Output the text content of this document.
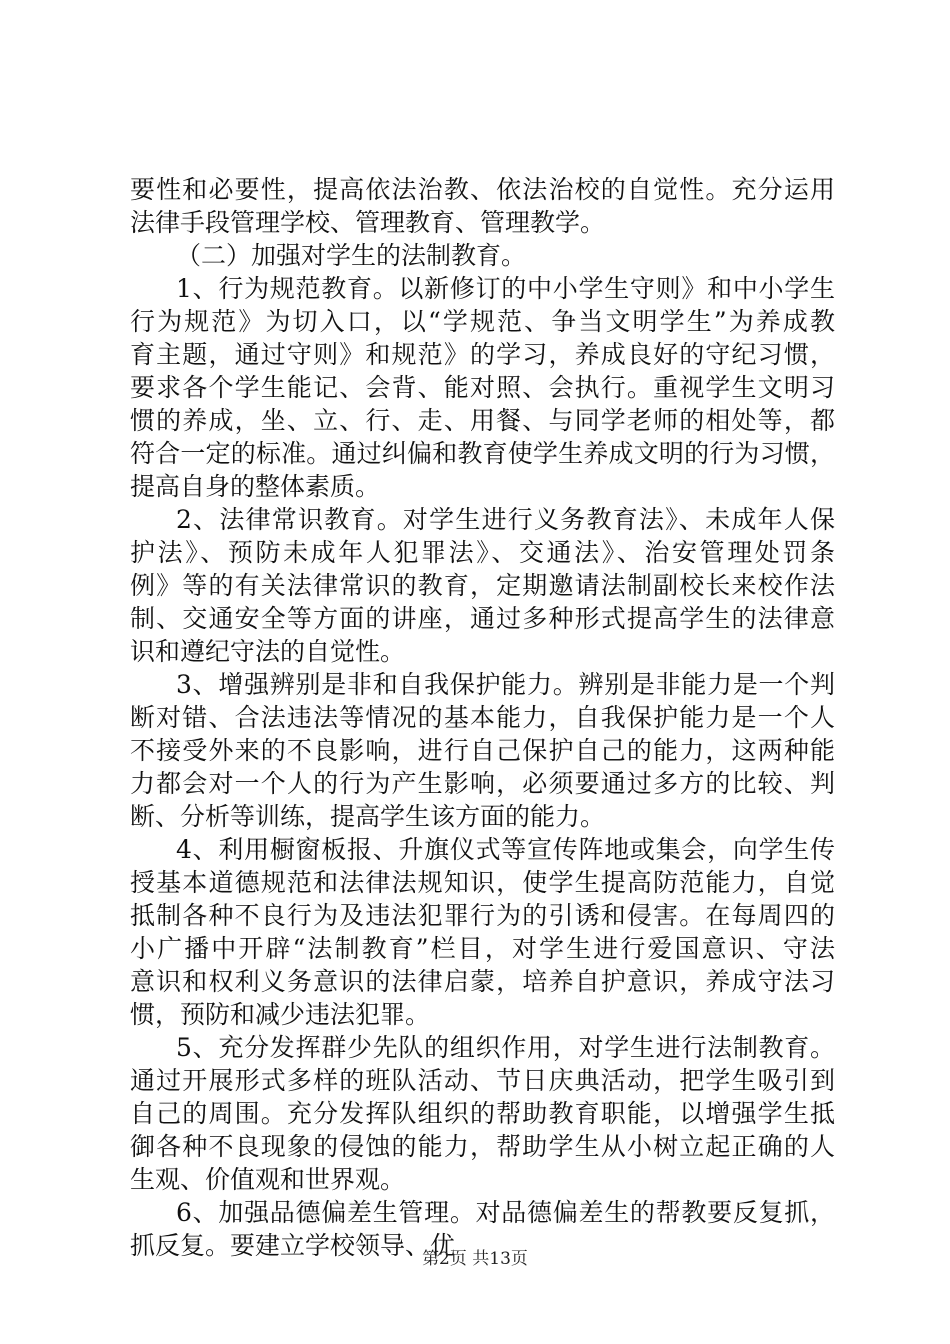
要性和必要性，提高依法治教、依法治校的自觉性。充分运用
法律手段管理学校、管理教育、管理教学。
（二）加强对学生的法制教育。
1、行为规范教育。以新修订的中小学生守则》和中小学生
行为规范》为切入口，以“学规范、争当文明学生”为养成教
育主题，通过守则》和规范》的学习，养成良好的守纪习惯，
要求各个学生能记、会背、能对照、会执行。重视学生文明习
惯的养成，坐、立、行、走、用餐、与同学老师的相处等，都
符合一定的标准。通过纠偏和教育使学生养成文明的行为习惯，
提高自身的整体素质。
2、法律常识教育。对学生进行义务教育法》、未成年人保
护法》、预防未成年人犯罪法》、交通法》、治安管理处罚条
例》等的有关法律常识的教育，定期邀请法制副校长来校作法
制、交通安全等方面的讲座，通过多种形式提高学生的法律意
识和遵纪守法的自觉性。
3、增强辨别是非和自我保护能力。辨别是非能力是一个判
断对错、合法违法等情况的基本能力，自我保护能力是一个人
不接受外来的不良影响，进行自己保护自己的能力，这两种能
力都会对一个人的行为产生影响，必须要通过多方的比较、判
断、分析等训练，提高学生该方面的能力。
4、利用橱窗板报、升旗仪式等宣传阵地或集会，向学生传
授基本道德规范和法律法规知识，使学生提高防范能力，自觉
抵制各种不良行为及违法犯罪行为的引诱和侵害。在每周四的
小广播中开辟“法制教育”栏目，对学生进行爱国意识、守法
意识和权利义务意识的法律启蒙，培养自护意识，养成守法习
惯，预防和减少违法犯罪。
5、充分发挥群少先队的组织作用，对学生进行法制教育。
通过开展形式多样的班队活动、节日庆典活动，把学生吸引到
自己的周围。充分发挥队组织的帮助教育职能，以增强学生抵
御各种不良现象的侵蚀的能力，帮助学生从小树立起正确的人
生观、价值观和世界观。
6、加强品德偏差生管理。对品德偏差生的帮教要反复抓，
抓反复。要建立学校领导、优
第2页 共13页
